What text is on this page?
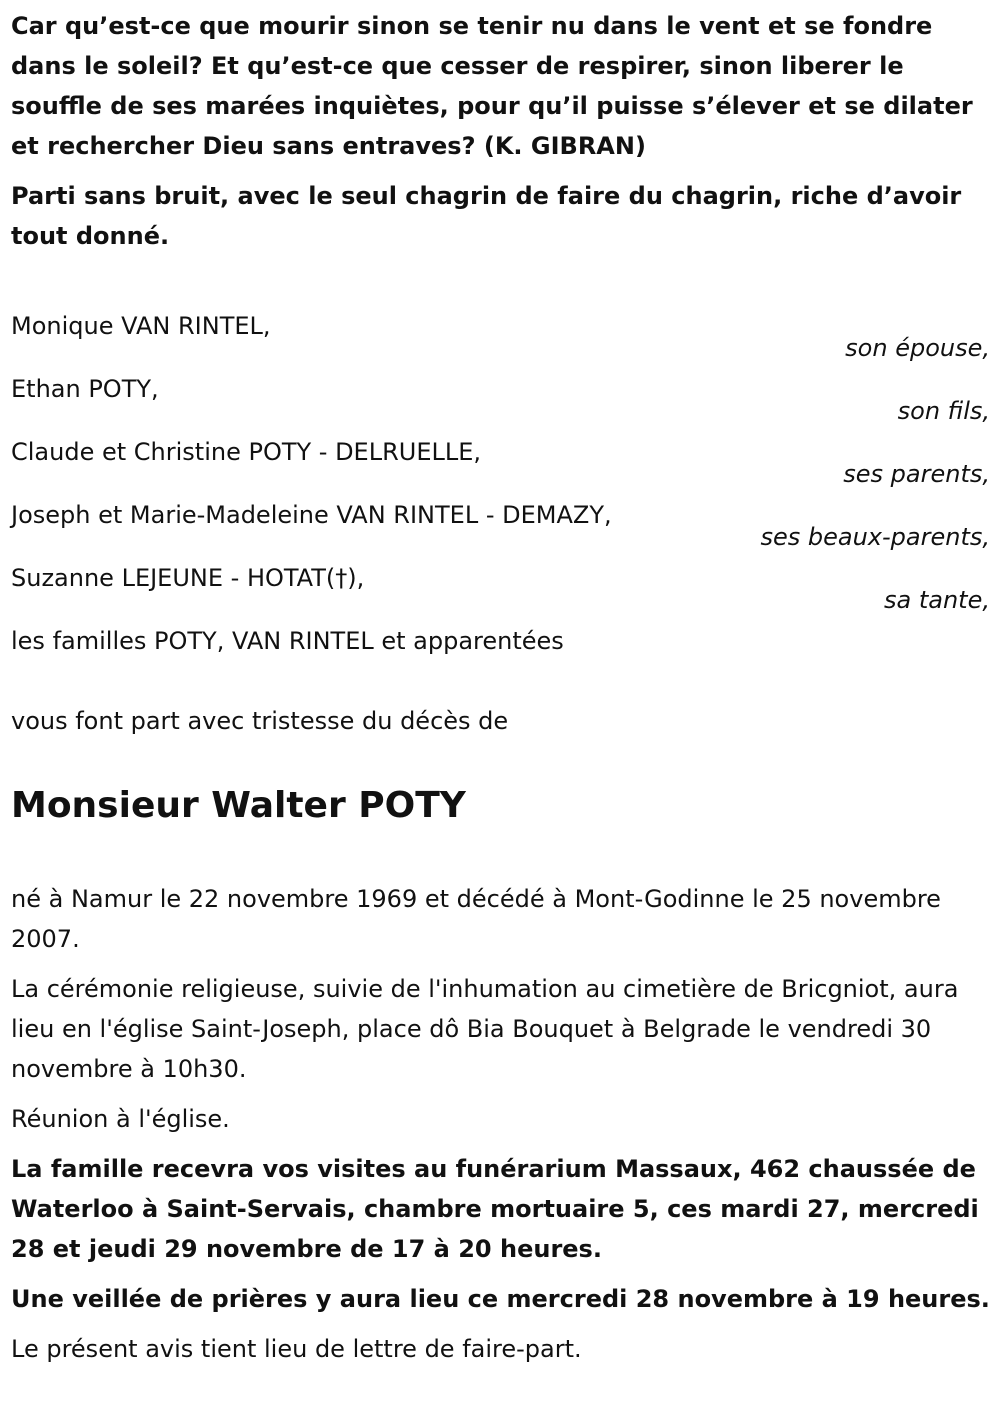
Car qu’est-ce que mourir sinon se tenir nu dans le vent et se fondre dans le soleil? Et qu’est-ce que cesser de respirer, sinon liberer le souffle de ses marées inquiètes, pour qu’il puisse s’élever et se dilater et rechercher Dieu sans entraves? (K. GIBRAN)

Parti sans bruit, avec le seul chagrin de faire du chagrin, riche d’avoir tout donné.

Monique VAN RINTEL,
son épouse,
Ethan POTY,
son fils,
Claude et Christine POTY - DELRUELLE,
ses parents,
Joseph et Marie-Madeleine VAN RINTEL - DEMAZY,
ses beaux-parents,
Suzanne LEJEUNE - HOTAT(†),
sa tante,

les familles POTY, VAN RINTEL et apparentées

vous font part avec tristesse du décès de

Monsieur Walter POTY

né à Namur le 22 novembre 1969 et décédé à Mont-Godinne le 25 novembre 2007.

La cérémonie religieuse, suivie de l'inhumation au cimetière de Bricgniot, aura lieu en l'église Saint-Joseph, place dô Bia Bouquet à Belgrade le vendredi 30 novembre à 10h30.

Réunion à l'église.

La famille recevra vos visites au funérarium Massaux, 462 chaussée de Waterloo à Saint-Servais, chambre mortuaire 5, ces mardi 27, mercredi 28 et jeudi 29 novembre de 17 à 20 heures.

Une veillée de prières y aura lieu ce mercredi 28 novembre à 19 heures.

Le présent avis tient lieu de lettre de faire-part.
